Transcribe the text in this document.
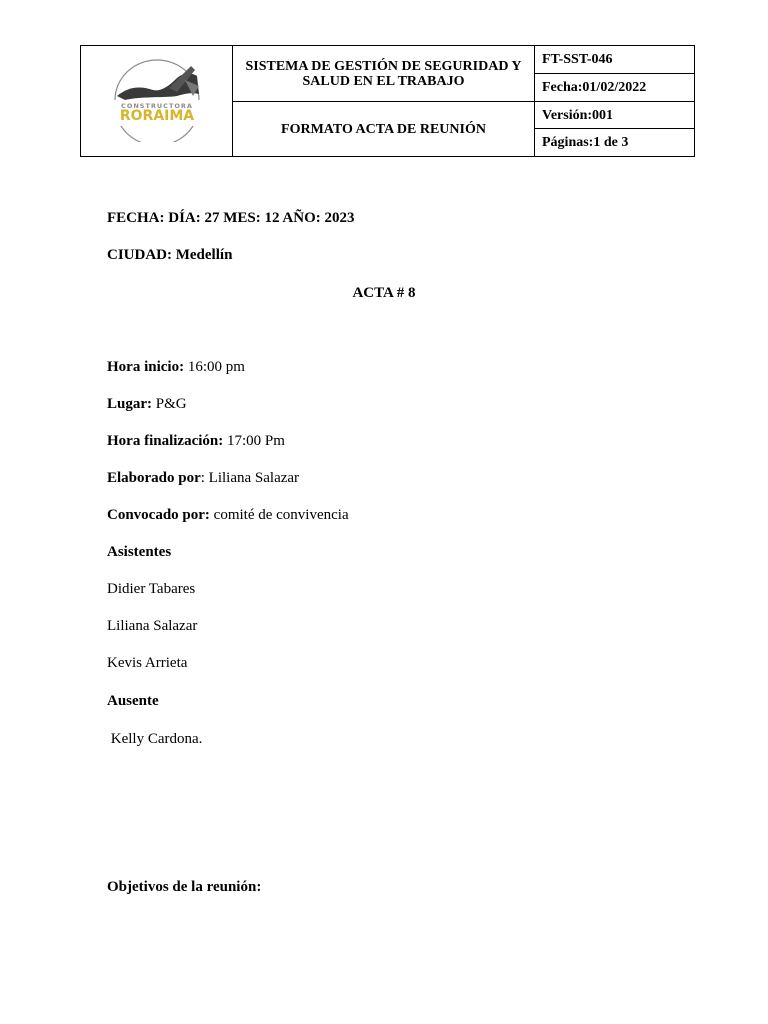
CONSTRUCTORA
RORAIMA	SISTEMA DE GESTIÓN DE SEGURIDAD Y SALUD EN EL TRABAJO	FT-SST-046
		Fecha:01/02/2022
	FORMATO ACTA DE REUNIÓN	Versión:001
		Páginas:1 de 3
FECHA: DÍA: 27 MES: 12 AÑO: 2023
CIUDAD: Medellín
ACTA # 8
Hora inicio: 16:00 pm
Lugar: P&G
Hora finalización: 17:00 Pm
Elaborado por: Liliana Salazar
Convocado por: comité de convivencia
Asistentes
Didier Tabares
Liliana Salazar
Kevis Arrieta
Ausente
Kelly Cardona.
Objetivos de la reunión:
